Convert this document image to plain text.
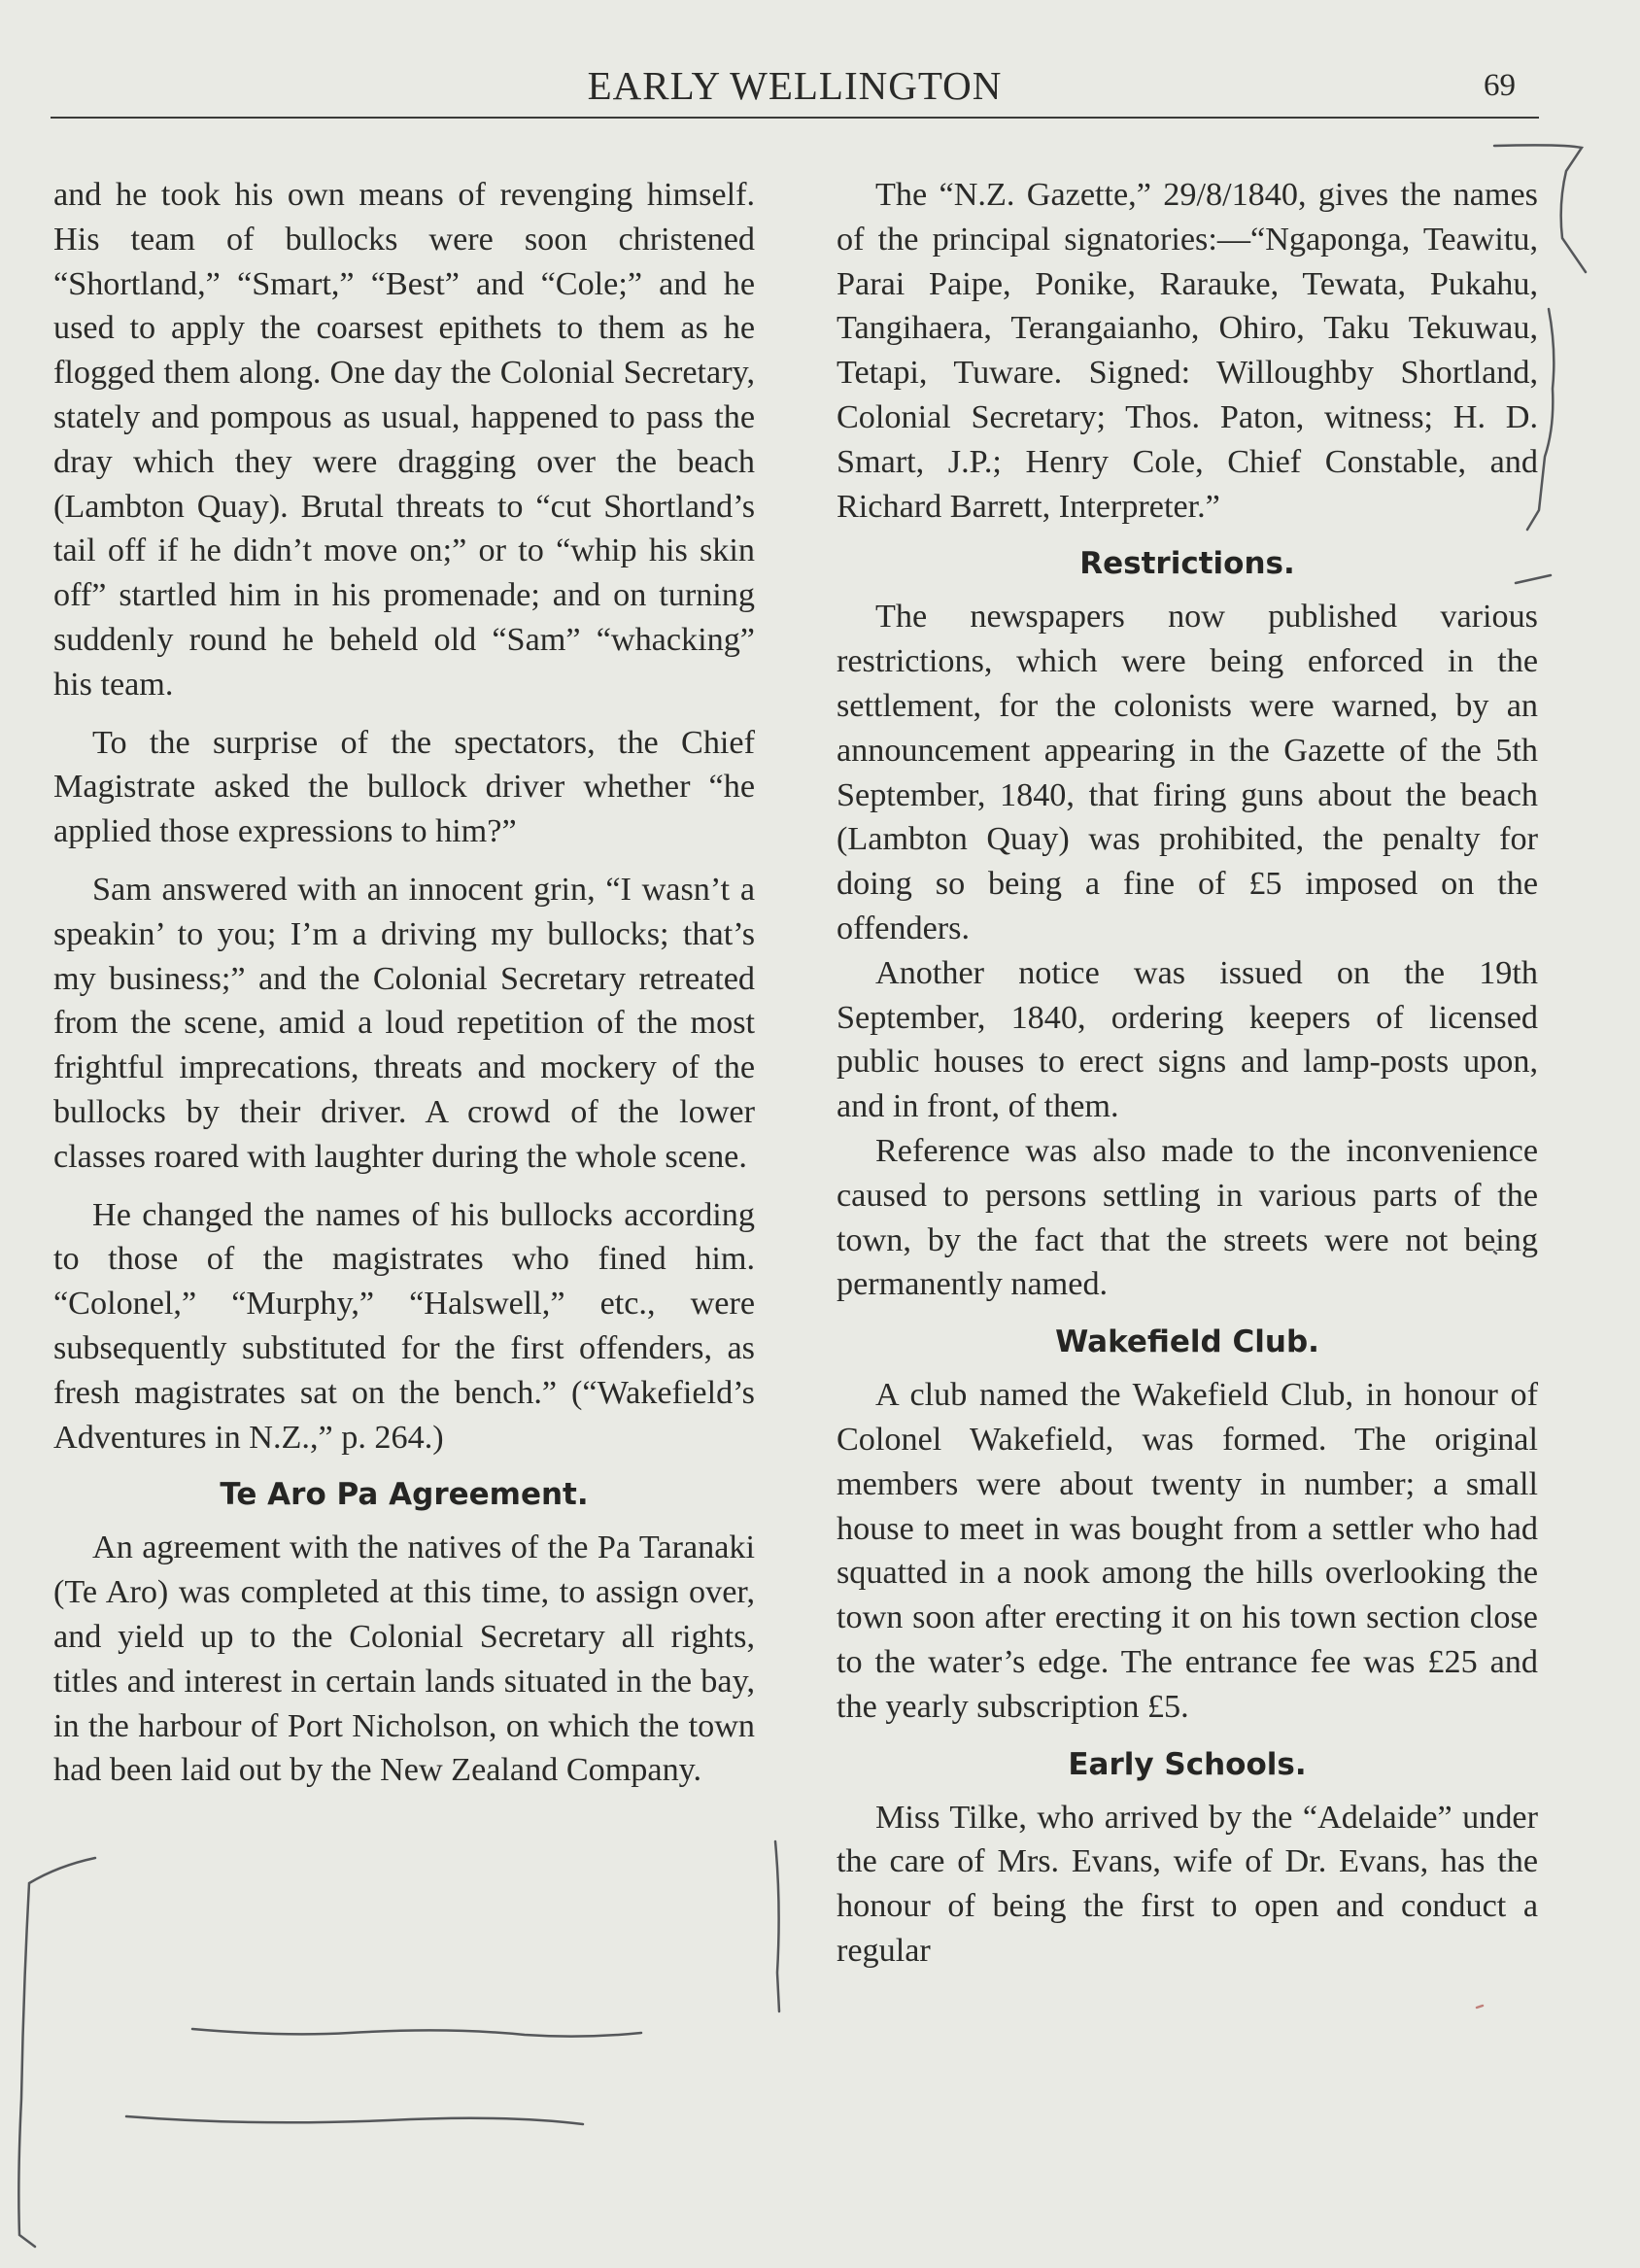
EARLY WELLINGTON	69

and he took his own means of revenging himself. His team of bullocks were soon christened “Shortland,” “Smart,” “Best” and “Cole;” and he used to apply the coarsest epithets to them as he flogged them along. One day the Colonial Secretary, stately and pompous as usual, happened to pass the dray which they were dragging over the beach (Lambton Quay). Brutal threats to “cut Shortland’s tail off if he didn’t move on;” or to “whip his skin off” startled him in his promenade; and on turning suddenly round he beheld old “Sam” “whacking” his team.

To the surprise of the spectators, the Chief Magistrate asked the bullock driver whether “he applied those expressions to him?”

Sam answered with an innocent grin, “I wasn’t a speakin’ to you; I’m a driving my bullocks; that’s my business;” and the Colonial Secretary retreated from the scene, amid a loud repetition of the most frightful imprecations, threats and mockery of the bullocks by their driver. A crowd of the lower classes roared with laughter during the whole scene.

He changed the names of his bullocks according to those of the magistrates who fined him. “Colonel,” “Murphy,” “Halswell,” etc., were subsequently substituted for the first offenders, as fresh magistrates sat on the bench.” (“Wakefield’s Adventures in N.Z.,” p. 264.)

Te Aro Pa Agreement.

An agreement with the natives of the Pa Taranaki (Te Aro) was completed at this time, to assign over, and yield up to the Colonial Secretary all rights, titles and interest in certain lands situated in the bay, in the harbour of Port Nicholson, on which the town had been laid out by the New Zealand Company.

The “N.Z. Gazette,” 29/8/1840, gives the names of the principal signatories:—“Ngaponga, Teawitu, Parai Paipe, Ponike, Rarauke, Tewata, Pukahu, Tangihaera, Terangaianho, Ohiro, Taku Tekuwau, Tetapi, Tuware. Signed: Willoughby Shortland, Colonial Secretary; Thos. Paton, witness; H. D. Smart, J.P.; Henry Cole, Chief Constable, and Richard Barrett, Interpreter.”

Restrictions.

The newspapers now published various restrictions, which were being enforced in the settlement, for the colonists were warned, by an announcement appearing in the Gazette of the 5th September, 1840, that firing guns about the beach (Lambton Quay) was prohibited, the penalty for doing so being a fine of £5 imposed on the offenders.

Another notice was issued on the 19th September, 1840, ordering keepers of licensed public houses to erect signs and lamp-posts upon, and in front, of them.

Reference was also made to the inconvenience caused to persons settling in various parts of the town, by the fact that the streets were not being permanently named.

Wakefield Club.

A club named the Wakefield Club, in honour of Colonel Wakefield, was formed. The original members were about twenty in number; a small house to meet in was bought from a settler who had squatted in a nook among the hills overlooking the town soon after erecting it on his town section close to the water’s edge. The entrance fee was £25 and the yearly subscription £5.

Early Schools.

Miss Tilke, who arrived by the “Adelaide” under the care of Mrs. Evans, wife of Dr. Evans, has the honour of being the first to open and conduct a regular
